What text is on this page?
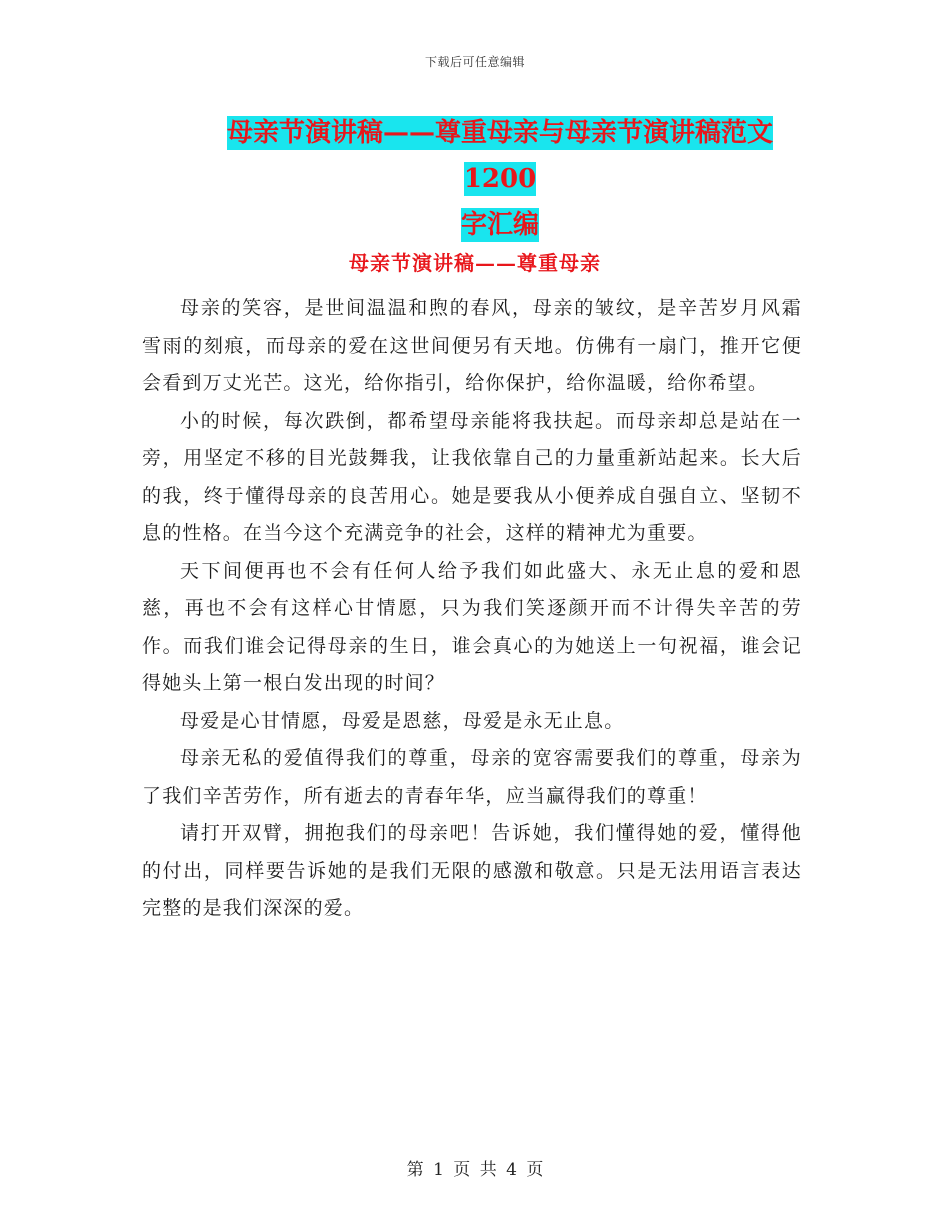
下载后可任意编辑
母亲节演讲稿——尊重母亲与母亲节演讲稿范文 1200
字汇编
母亲节演讲稿——尊重母亲

母亲的笑容，是世间温温和煦的春风，母亲的皱纹，是辛苦岁月风霜雪雨的刻痕，而母亲的爱在这世间便另有天地。仿佛有一扇门，推开它便会看到万丈光芒。这光，给你指引，给你保护，给你温暖，给你希望。

小的时候，每次跌倒，都希望母亲能将我扶起。而母亲却总是站在一旁，用坚定不移的目光鼓舞我，让我依靠自己的力量重新站起来。长大后的我，终于懂得母亲的良苦用心。她是要我从小便养成自强自立、坚韧不息的性格。在当今这个充满竞争的社会，这样的精神尤为重要。

天下间便再也不会有任何人给予我们如此盛大、永无止息的爱和恩慈，再也不会有这样心甘情愿，只为我们笑逐颜开而不计得失辛苦的劳作。而我们谁会记得母亲的生日，谁会真心的为她送上一句祝福，谁会记得她头上第一根白发出现的时间？

母爱是心甘情愿，母爱是恩慈，母爱是永无止息。

母亲无私的爱值得我们的尊重，母亲的宽容需要我们的尊重，母亲为了我们辛苦劳作，所有逝去的青春年华，应当赢得我们的尊重！

请打开双臂，拥抱我们的母亲吧！告诉她，我们懂得她的爱，懂得他的付出，同样要告诉她的是我们无限的感激和敬意。只是无法用语言表达完整的是我们深深的爱。

第 1 页 共 4 页
